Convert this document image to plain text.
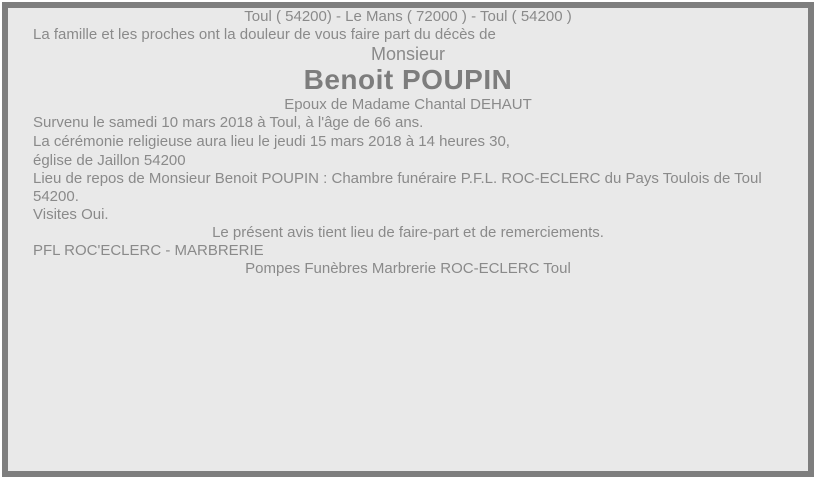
Toul ( 54200) - Le Mans ( 72000 ) - Toul ( 54200 )

La famille et les proches ont la douleur de vous faire part du décès de

Monsieur

Benoit POUPIN

Epoux de Madame Chantal DEHAUT

Survenu le samedi 10 mars 2018 à Toul, à l'âge de 66 ans.

La cérémonie religieuse aura lieu le jeudi 15 mars 2018 à 14 heures 30,
église de Jaillon 54200

Lieu de repos de Monsieur Benoit POUPIN : Chambre funéraire P.F.L. ROC-ECLERC du Pays Toulois de Toul 54200.

Visites Oui.

Le présent avis tient lieu de faire-part et de remerciements.

PFL ROC'ECLERC - MARBRERIE

Pompes Funèbres Marbrerie ROC-ECLERC Toul
